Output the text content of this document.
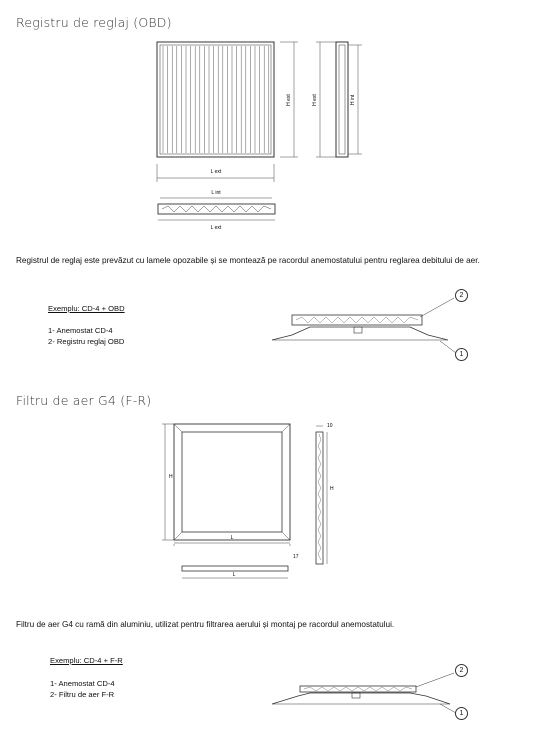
Registru de reglaj (OBD)
H ext
L ext
L int
L ext
H ext	H int
Registrul de reglaj este prevăzut cu lamele opozabile și se montează pe racordul anemostatului pentru reglarea debitului de aer.
Exemplu: CD-4 + OBD
1- Anemostat CD-4
2- Registru reglaj OBD
2
1
Filtru de aer G4 (F-R)
H
L
10
H
17
L
Filtru de aer G4 cu ramă din aluminiu, utilizat pentru filtrarea aerului și montaj pe racordul anemostatului.
Exemplu: CD-4 + F-R
1- Anemostat CD-4
2- Filtru de aer F-R
2
1
